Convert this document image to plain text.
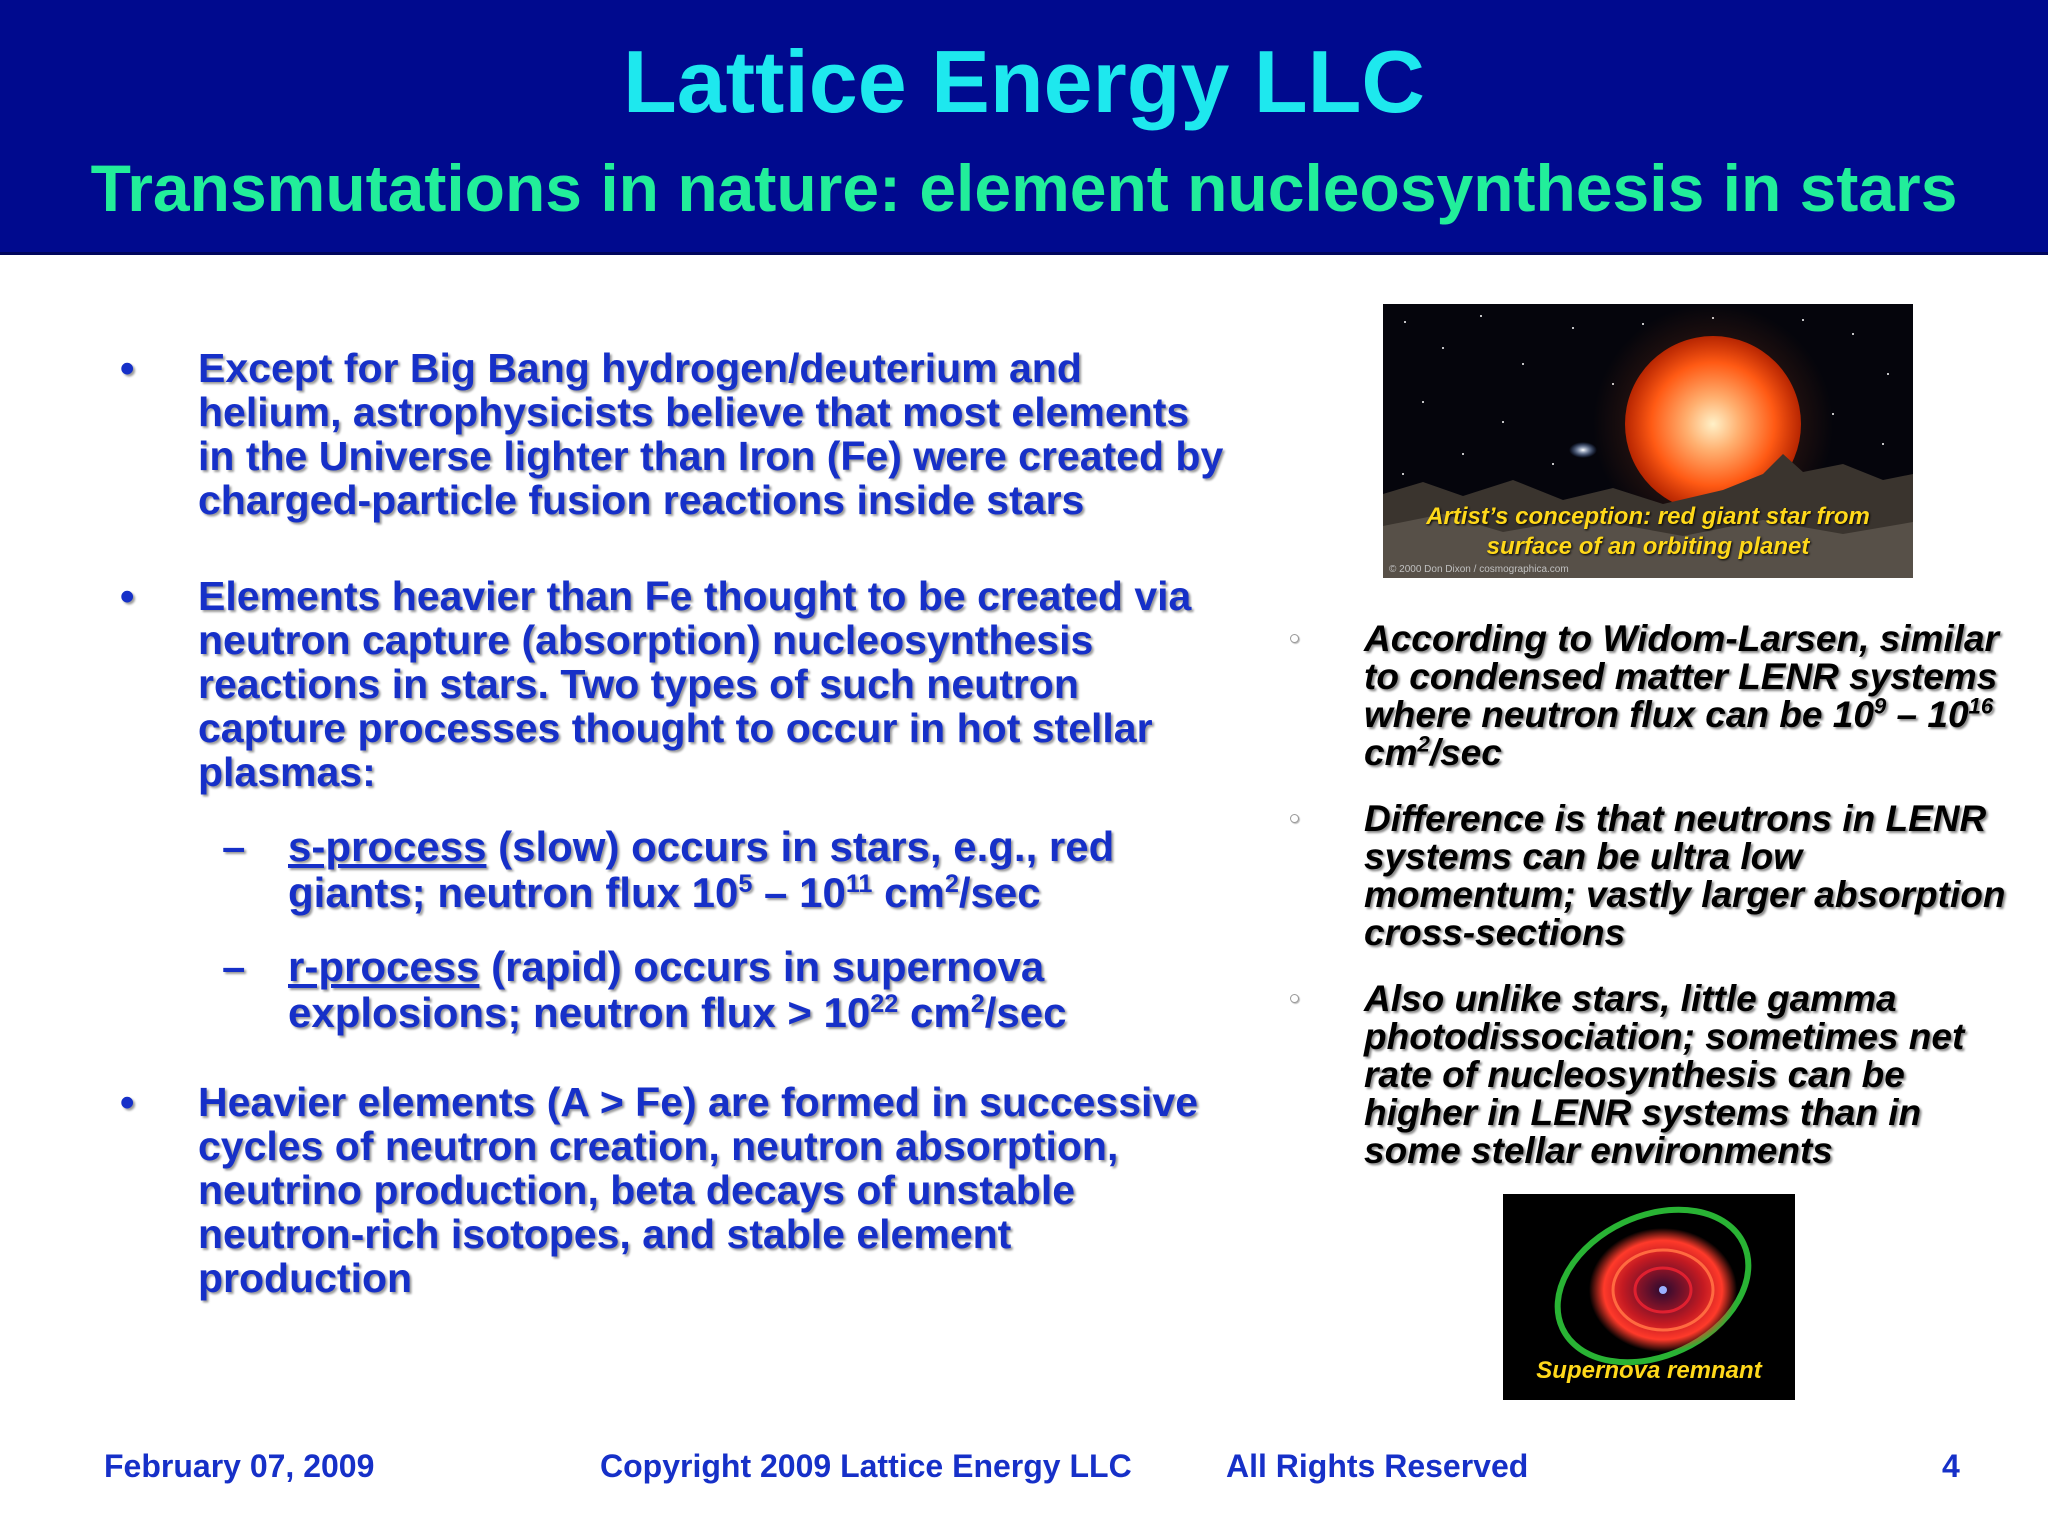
Lattice Energy LLC
Transmutations in nature: element nucleosynthesis in stars
• Except for Big Bang hydrogen/deuterium and helium, astrophysicists believe that most elements in the Universe lighter than Iron (Fe) were created by charged-particle fusion reactions inside stars
• Elements heavier than Fe thought to be created via neutron capture (absorption) nucleosynthesis reactions in stars. Two types of such neutron capture processes thought to occur in hot stellar plasmas:
– s-process (slow) occurs in stars, e.g., red giants; neutron flux $10^5 - 10^{11}$ $cm^2/\sec$
– r-process (rapid) occurs in supernova explosions; neutron flux > $10^{22}$ $cm^2/\sec$
• Heavier elements (A > Fe) are formed in successive cycles of neutron creation, neutron absorption, neutrino production, beta decays of unstable neutron-rich isotopes, and stable element production
Artist’s conception: red giant star from
surface of an orbiting planet
© 2000 Don Dixon / cosmographica.com
According to Widom-Larsen, similar to condensed matter LENR systems where neutron flux can be $10^9 - 10^{16}$ $cm^2/\sec$
Difference is that neutrons in LENR systems can be ultra low momentum; vastly larger absorption cross-sections
Also unlike stars, little gamma photodissociation; sometimes net rate of nucleosynthesis can be higher in LENR systems than in some stellar environments
Supernova remnant
February 07, 2009	Copyright 2009 Lattice Energy LLC	All Rights Reserved	4
